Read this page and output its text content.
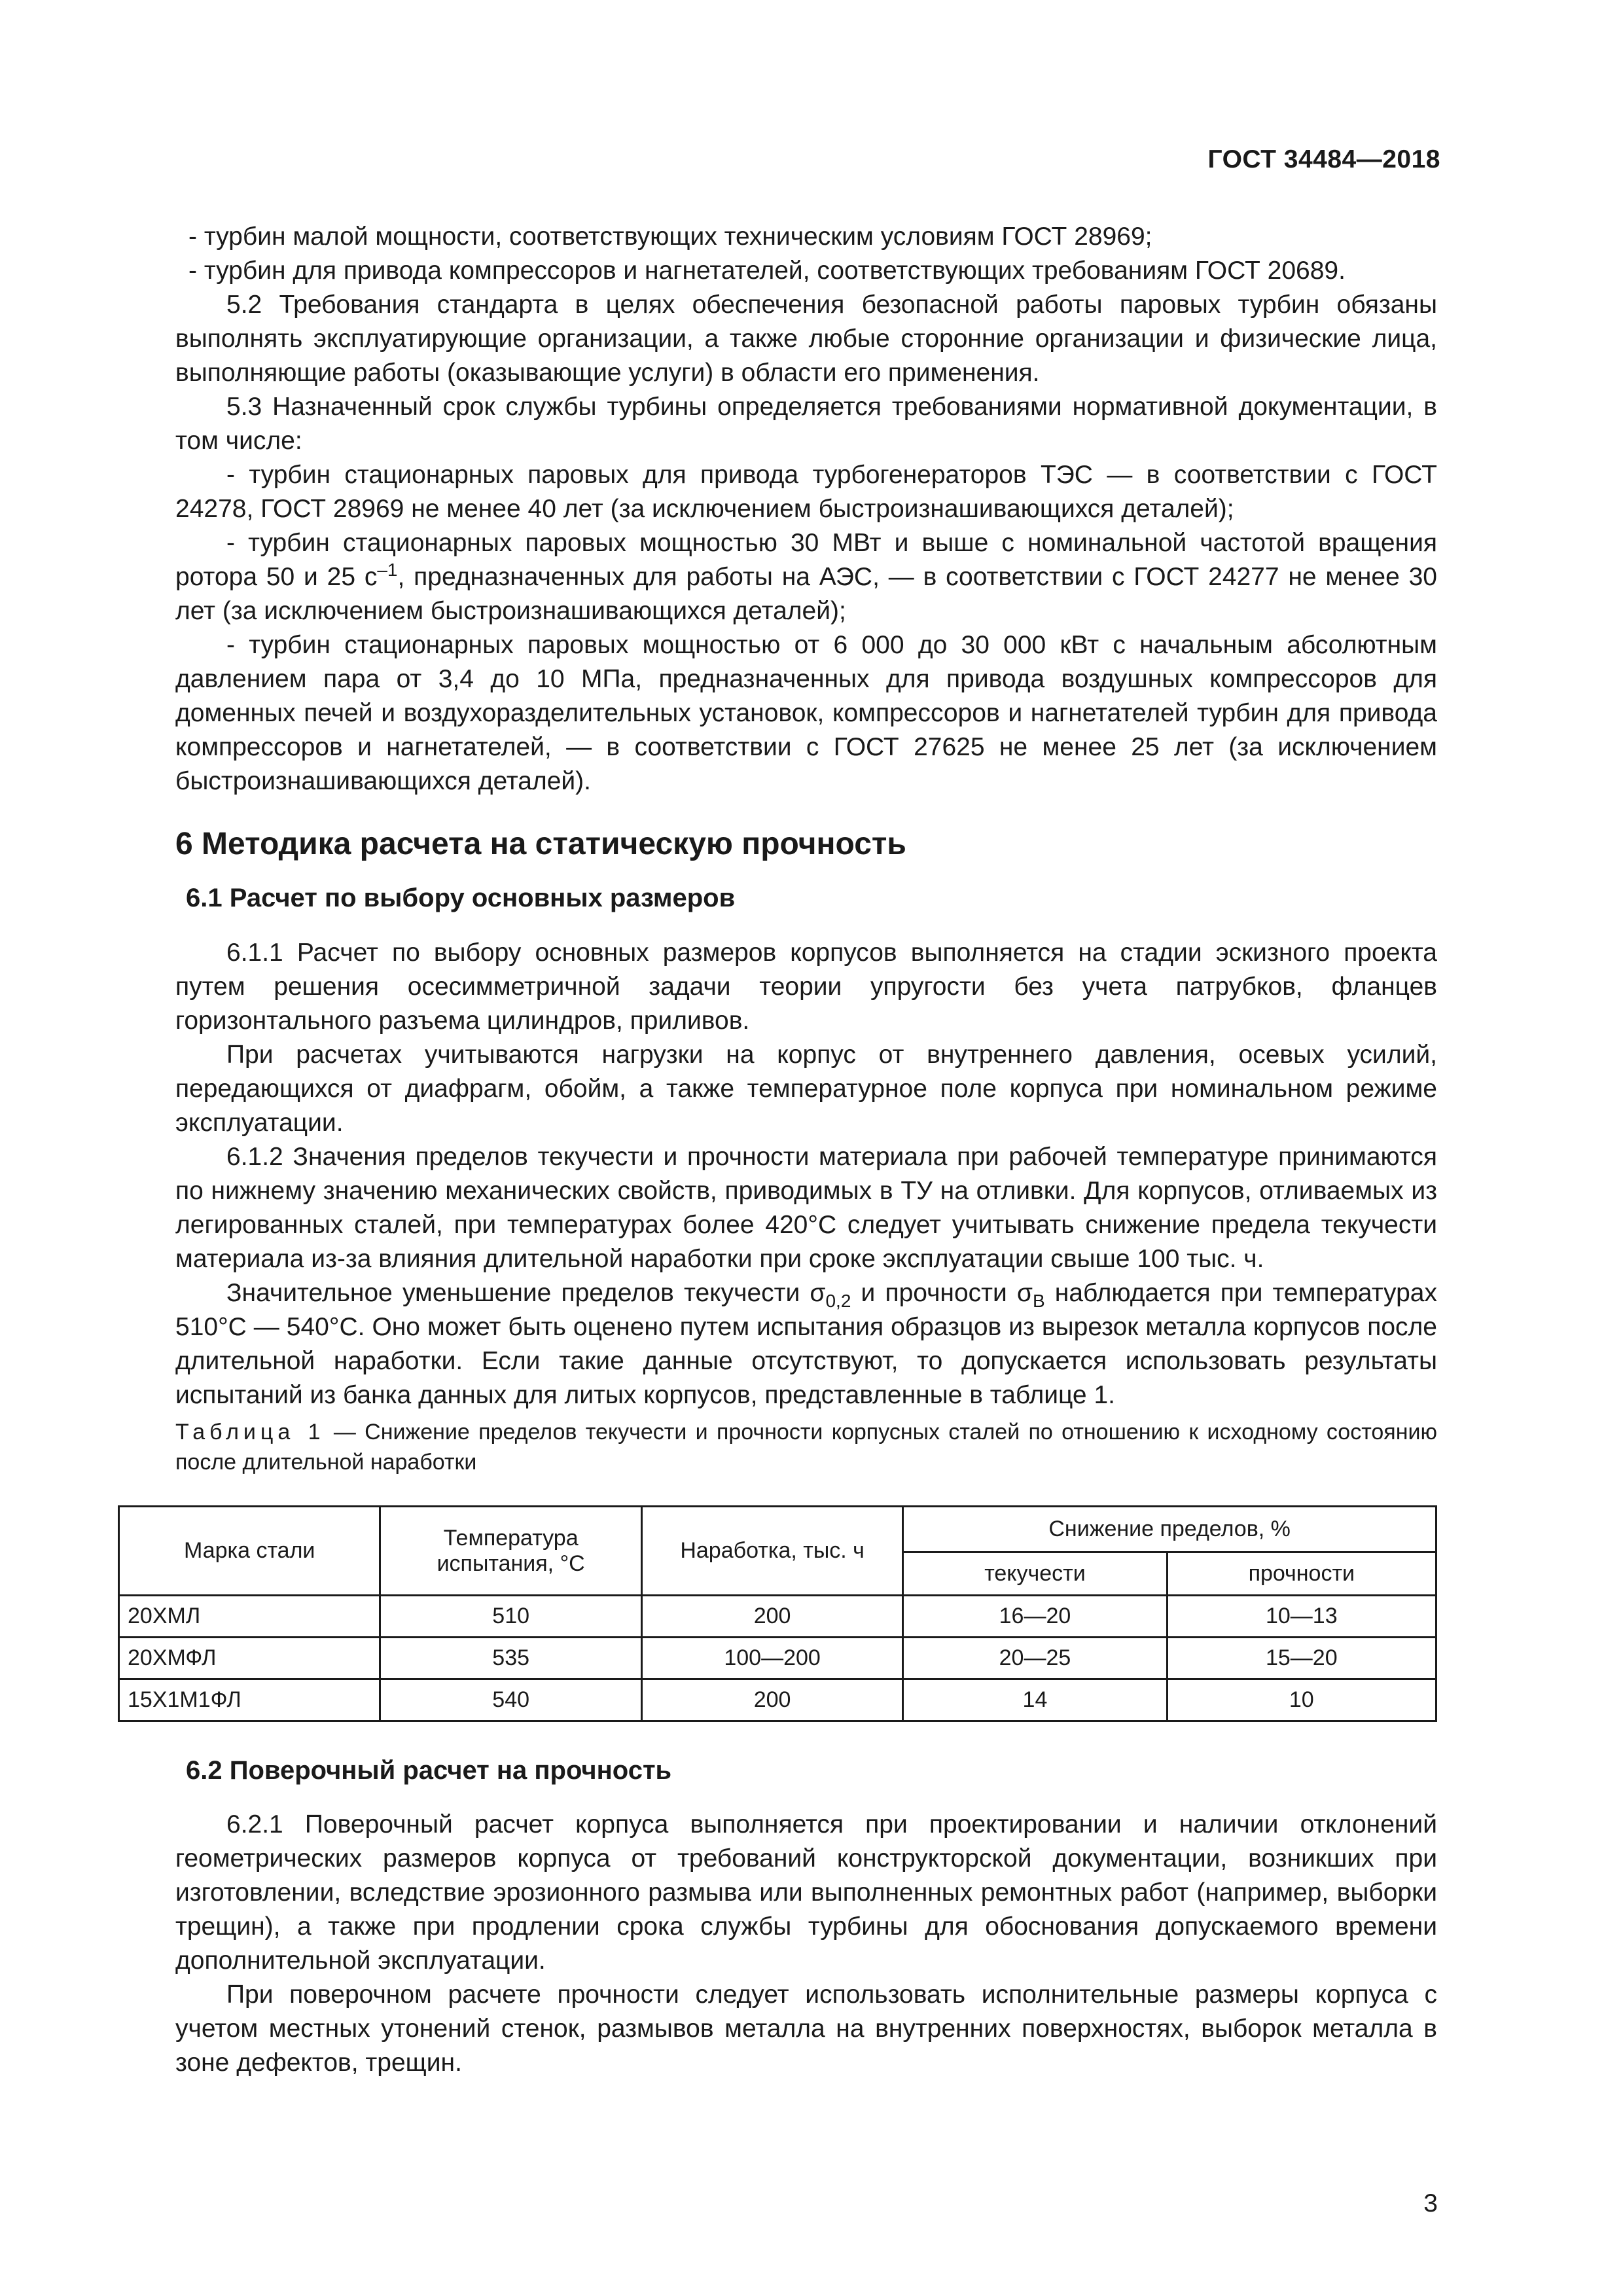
ГОСТ 34484—2018

- турбин малой мощности, соответствующих техническим условиям ГОСТ 28969;

- турбин для привода компрессоров и нагнетателей, соответствующих требованиям ГОСТ 20689.

5.2 Требования стандарта в целях обеспечения безопасной работы паровых турбин обязаны выполнять эксплуатирующие организации, а также любые сторонние организации и физические лица, выполняющие работы (оказывающие услуги) в области его применения.

5.3 Назначенный срок службы турбины определяется требованиями нормативной документации, в том числе:

- турбин стационарных паровых для привода турбогенераторов ТЭС — в соответствии с ГОСТ 24278, ГОСТ 28969 не менее 40 лет (за исключением быстроизнашивающихся деталей);

- турбин стационарных паровых мощностью 30 МВт и выше с номинальной частотой вращения ротора 50 и 25 $с^{-1}$, предназначенных для работы на АЭС, — в соответствии с ГОСТ 24277 не менее 30 лет (за исключением быстроизнашивающихся деталей);

- турбин стационарных паровых мощностью от 6 000 до 30 000 кВт с начальным абсолютным давлением пара от 3,4 до 10 МПа, предназначенных для привода воздушных компрессоров для доменных печей и воздухоразделительных установок, компрессоров и нагнетателей турбин для привода компрессоров и нагнетателей, — в соответствии с ГОСТ 27625 не менее 25 лет (за исключением быстроизнашивающихся деталей).

6 Методика расчета на статическую прочность

6.1 Расчет по выбору основных размеров

6.1.1 Расчет по выбору основных размеров корпусов выполняется на стадии эскизного проекта путем решения осесимметричной задачи теории упругости без учета патрубков, фланцев горизонтального разъема цилиндров, приливов.

При расчетах учитываются нагрузки на корпус от внутреннего давления, осевых усилий, передающихся от диафрагм, обойм, а также температурное поле корпуса при номинальном режиме эксплуатации.

6.1.2 Значения пределов текучести и прочности материала при рабочей температуре принимаются по нижнему значению механических свойств, приводимых в ТУ на отливки. Для корпусов, отливаемых из легированных сталей, при температурах более 420°С следует учитывать снижение предела текучести материала из-за влияния длительной наработки при сроке эксплуатации свыше 100 тыс. ч.

Значительное уменьшение пределов текучести $\sigma_{0,2}$ и прочности $\sigma_B$ наблюдается при температурах 510°С — 540°С. Оно может быть оценено путем испытания образцов из вырезок металла корпусов после длительной наработки. Если такие данные отсутствуют, то допускается использовать результаты испытаний из банка данных для литых корпусов, представленные в таблице 1.

Таблица 1 — Снижение пределов текучести и прочности корпусных сталей по отношению к исходному состоянию после длительной наработки

Марка стали	Температура испытания, °С	Наработка, тыс. ч	Снижение пределов, %	
			текучести	прочности
20ХМЛ	510	200	16—20	10—13
20ХМФЛ	535	100—200	20—25	15—20
15Х1М1ФЛ	540	200	14	10

6.2 Поверочный расчет на прочность

6.2.1 Поверочный расчет корпуса выполняется при проектировании и наличии отклонений геометрических размеров корпуса от требований конструкторской документации, возникших при изготовлении, вследствие эрозионного размыва или выполненных ремонтных работ (например, выборки трещин), а также при продлении срока службы турбины для обоснования допускаемого времени дополнительной эксплуатации.

При поверочном расчете прочности следует использовать исполнительные размеры корпуса с учетом местных утонений стенок, размывов металла на внутренних поверхностях, выборок металла в зоне дефектов, трещин.

3
